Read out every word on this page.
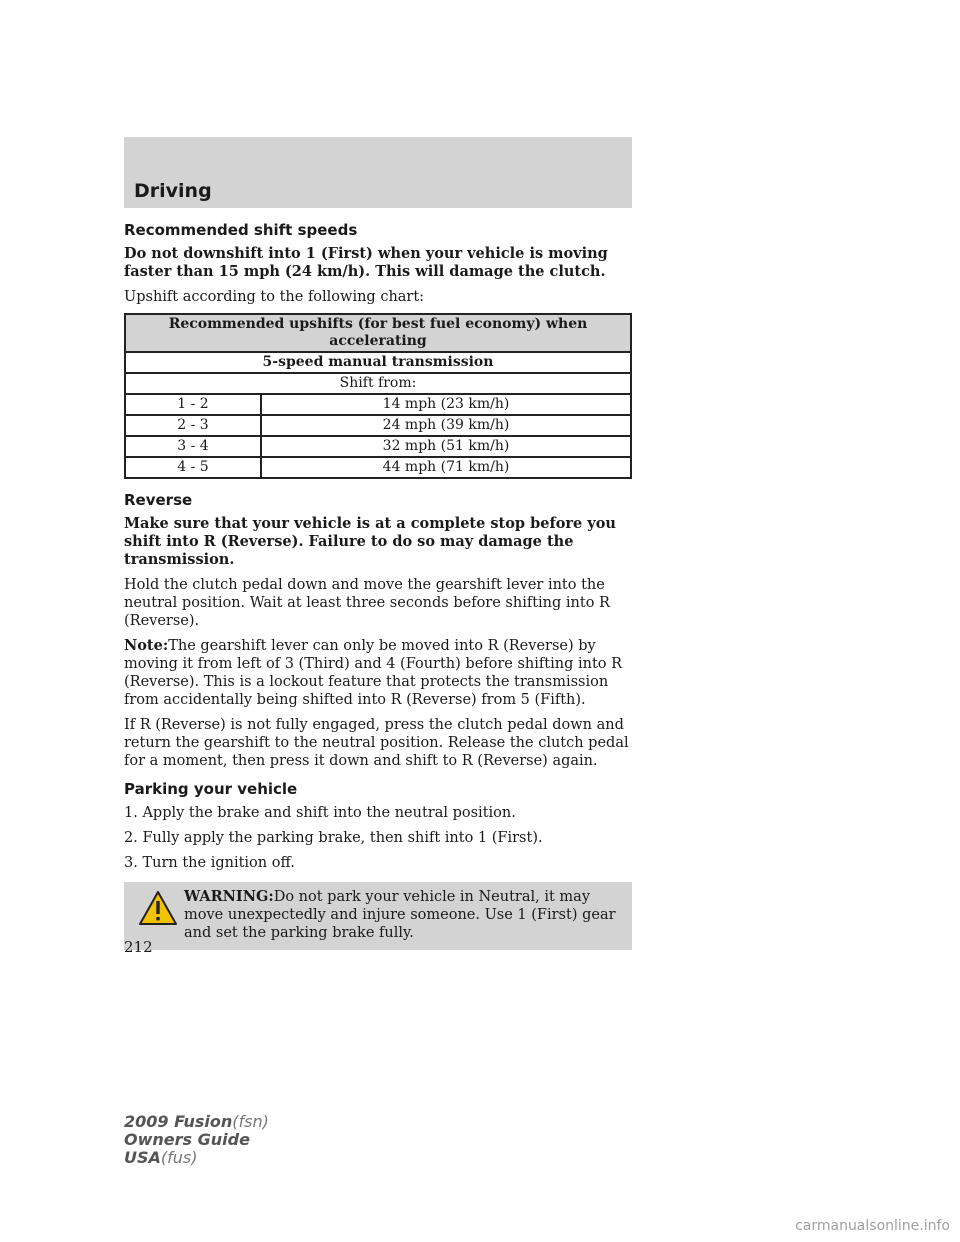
Driving
Recommended shift speeds

Do not downshift into 1 (First) when your vehicle is moving faster than 15 mph (24 km/h). This will damage the clutch.

Upshift according to the following chart:

Recommended upshifts (for best fuel economy) when accelerating	
5-speed manual transmission	
Shift from:	
1 - 2	14 mph (23 km/h)
2 - 3	24 mph (39 km/h)
3 - 4	32 mph (51 km/h)
4 - 5	44 mph (71 km/h)
Reverse

Make sure that your vehicle is at a complete stop before you shift into R (Reverse). Failure to do so may damage the transmission.

Hold the clutch pedal down and move the gearshift lever into the neutral position. Wait at least three seconds before shifting into R (Reverse).

Note:The gearshift lever can only be moved into R (Reverse) by moving it from left of 3 (Third) and 4 (Fourth) before shifting into R (Reverse). This is a lockout feature that protects the transmission from accidentally being shifted into R (Reverse) from 5 (Fifth).

If R (Reverse) is not fully engaged, press the clutch pedal down and return the gearshift to the neutral position. Release the clutch pedal for a moment, then press it down and shift to R (Reverse) again.

Parking your vehicle

1. Apply the brake and shift into the neutral position.

2. Fully apply the parking brake, then shift into 1 (First).

3. Turn the ignition off.

WARNING:Do not park your vehicle in Neutral, it may move unexpectedly and injure someone. Use 1 (First) gear and set the parking brake fully.
212
2009 Fusion(fsn)
Owners Guide
USA(fus)
carmanualsonline.info
